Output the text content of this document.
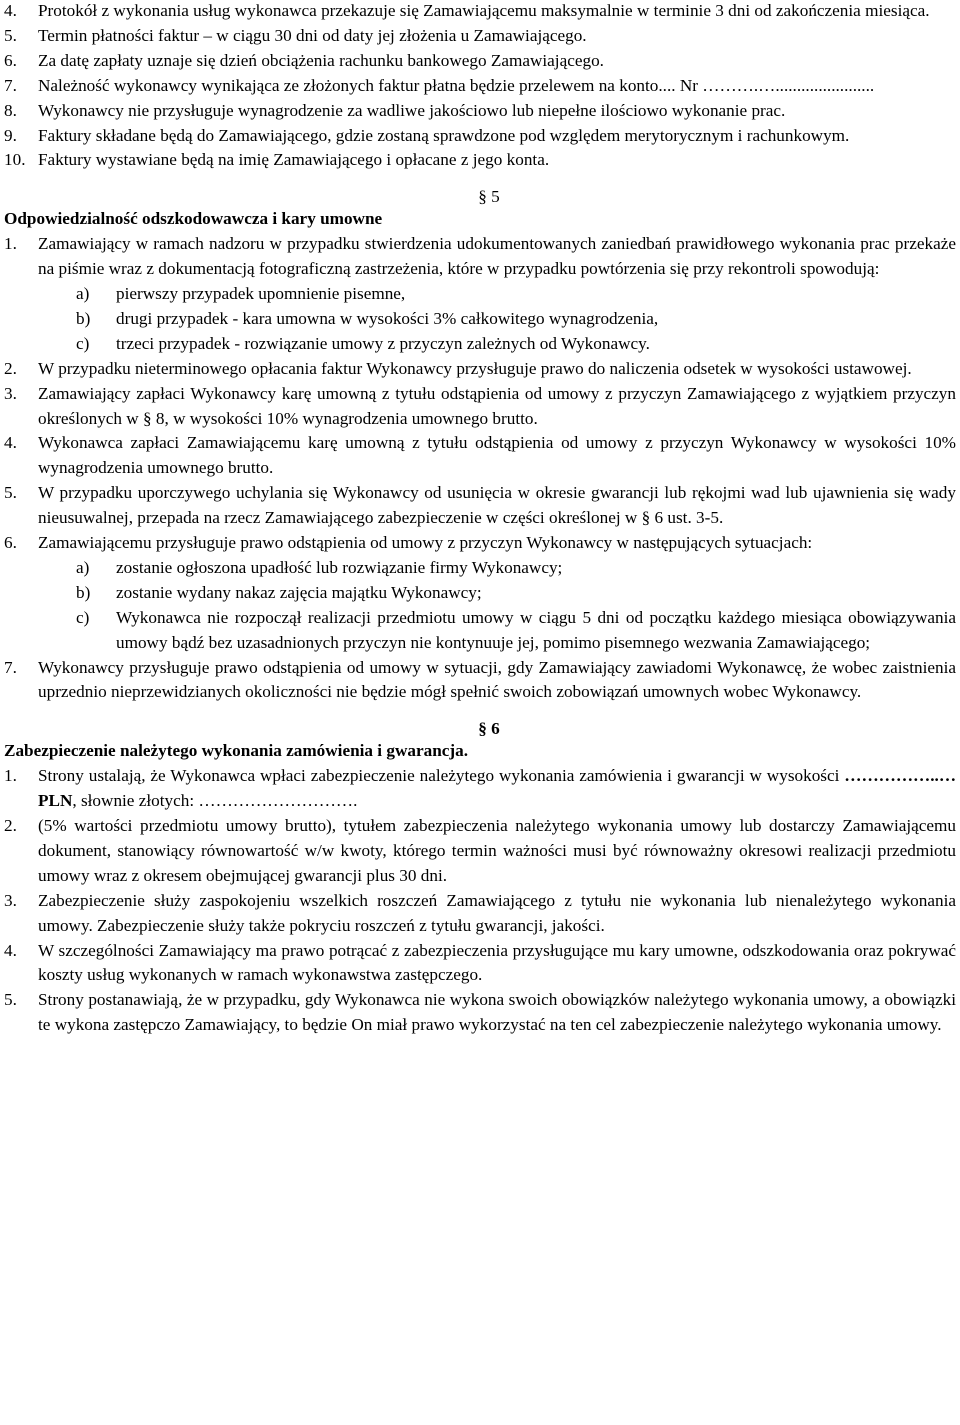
4.	Protokół z wykonania usług wykonawca przekazuje się Zamawiającemu maksymalnie w terminie 3 dni od zakończenia miesiąca.
5.	Termin płatności faktur – w ciągu 30 dni od daty jej złożenia u Zamawiającego.
6.	Za datę zapłaty uznaje się dzień obciążenia rachunku bankowego Zamawiającego.
7.	Należność wykonawcy wynikająca ze złożonych faktur płatna będzie przelewem na konto.... Nr ……….….......................
8.	Wykonawcy nie przysługuje wynagrodzenie za wadliwe jakościowo lub niepełne ilościowo wykonanie prac.
9.	Faktury składane będą do Zamawiającego, gdzie zostaną sprawdzone pod względem merytorycznym i rachunkowym.
10. Faktury wystawiane będą na imię Zamawiającego i opłacane z jego konta.
§ 5
Odpowiedzialność odszkodowawcza i kary umowne
1.	Zamawiający w ramach nadzoru w przypadku stwierdzenia udokumentowanych zaniedbań prawidłowego wykonania prac przekaże na piśmie wraz z dokumentacją fotograficzną zastrzeżenia, które w przypadku powtórzenia się przy rekontroli spowodują:
a)	pierwszy przypadek upomnienie pisemne,
b)	drugi przypadek - kara umowna w wysokości 3% całkowitego wynagrodzenia,
c)	trzeci przypadek - rozwiązanie umowy z przyczyn zależnych od Wykonawcy.
2.	W przypadku nieterminowego opłacania faktur Wykonawcy przysługuje prawo do naliczenia odsetek w wysokości ustawowej.
3.	Zamawiający zapłaci Wykonawcy karę umowną z tytułu odstąpienia od umowy z przyczyn Zamawiającego z wyjątkiem przyczyn określonych w § 8, w wysokości 10% wynagrodzenia umownego brutto.
4.	Wykonawca zapłaci Zamawiającemu karę umowną z tytułu odstąpienia od umowy z przyczyn Wykonawcy w wysokości 10% wynagrodzenia umownego brutto.
5.	W przypadku uporczywego uchylania się Wykonawcy od usunięcia w okresie gwarancji lub rękojmi wad lub ujawnienia się wady nieusuwalnej, przepada na rzecz Zamawiającego zabezpieczenie w części określonej w § 6 ust. 3-5.
6.	Zamawiającemu przysługuje prawo odstąpienia od umowy z przyczyn Wykonawcy w następujących sytuacjach:
a)	zostanie ogłoszona upadłość lub rozwiązanie firmy Wykonawcy;
b)	zostanie wydany nakaz zajęcia majątku Wykonawcy;
c)	Wykonawca nie rozpoczął realizacji przedmiotu umowy w ciągu 5 dni od początku każdego miesiąca obowiązywania umowy bądź bez uzasadnionych przyczyn nie kontynuuje jej, pomimo pisemnego wezwania Zamawiającego;
7.	Wykonawcy przysługuje prawo odstąpienia od umowy w sytuacji, gdy Zamawiający zawiadomi Wykonawcę, że wobec zaistnienia uprzednio nieprzewidzianych okoliczności nie będzie mógł spełnić swoich zobowiązań umownych wobec Wykonawcy.
§ 6
Zabezpieczenie należytego wykonania zamówienia i gwarancja.
1.	Strony ustalają, że Wykonawca wpłaci zabezpieczenie należytego wykonania zamówienia i gwarancji w wysokości ……………..… PLN, słownie złotych: ……………………….
2.	(5% wartości przedmiotu umowy brutto), tytułem zabezpieczenia należytego wykonania umowy lub dostarczy Zamawiającemu dokument, stanowiący równowartość w/w kwoty, którego termin ważności musi być równoważny okresowi realizacji przedmiotu umowy wraz z okresem obejmującej gwarancji plus 30 dni.
3.	Zabezpieczenie służy zaspokojeniu wszelkich roszczeń Zamawiającego z tytułu nie wykonania lub nienależytego wykonania umowy. Zabezpieczenie służy także pokryciu roszczeń z tytułu gwarancji, jakości.
4.	W szczególności Zamawiający ma prawo potrącać z zabezpieczenia przysługujące mu kary umowne, odszkodowania oraz pokrywać koszty usług wykonanych w ramach wykonawstwa zastępczego.
5.	Strony postanawiają, że w przypadku, gdy Wykonawca nie wykona swoich obowiązków należytego wykonania umowy, a obowiązki te wykona zastępczo Zamawiający, to będzie On miał prawo wykorzystać na ten cel zabezpieczenie należytego wykonania umowy.
